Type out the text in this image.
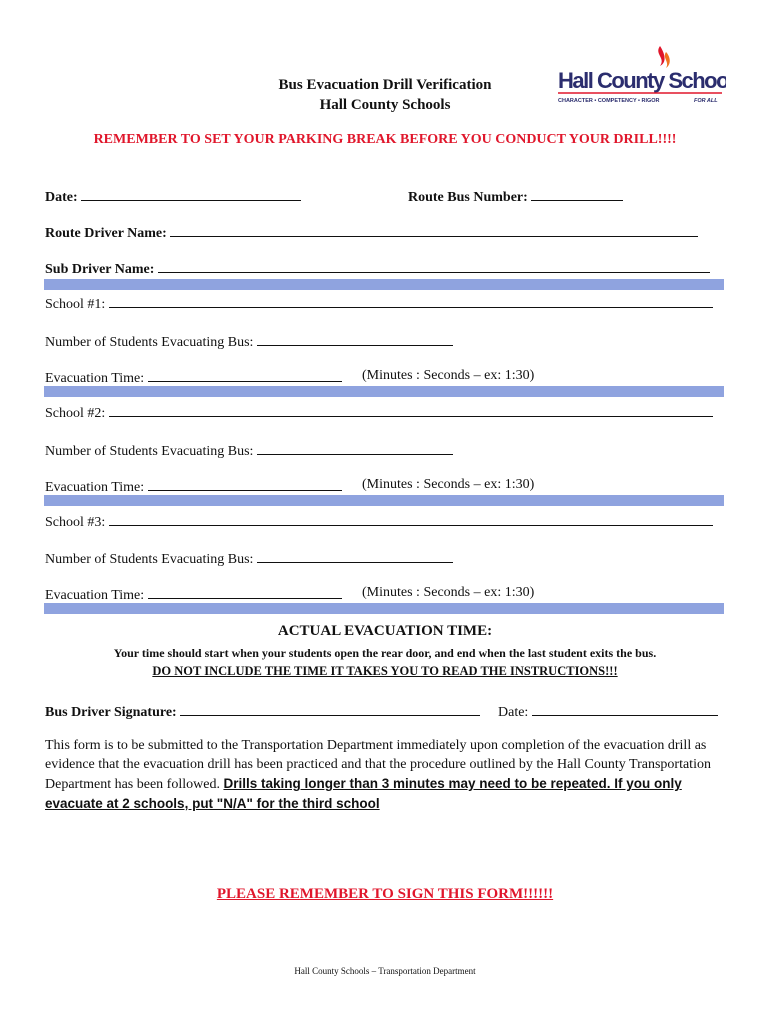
Bus Evacuation Drill Verification
Hall County Schools
Hall County Schools
CHARACTER • COMPETENCY • RIGOR	FOR ALL
REMEMBER TO SET YOUR PARKING BREAK BEFORE YOU CONDUCT YOUR DRILL!!!!
Date:	Route Bus Number:
Route Driver Name:
Sub Driver Name:
School #1:
Number of Students Evacuating Bus:
Evacuation Time:	(Minutes : Seconds – ex: 1:30)
School #2:
Number of Students Evacuating Bus:
Evacuation Time:	(Minutes : Seconds – ex: 1:30)
School #3:
Number of Students Evacuating Bus:
Evacuation Time:	(Minutes : Seconds – ex: 1:30)
ACTUAL EVACUATION TIME:
Your time should start when your students open the rear door, and end when the last student exits the bus.
DO NOT INCLUDE THE TIME IT TAKES YOU TO READ THE INSTRUCTIONS!!!
Bus Driver Signature:	Date:
This form is to be submitted to the Transportation Department immediately upon completion of the evacuation drill as evidence that the evacuation drill has been practiced and that the procedure outlined by the Hall County Transportation Department has been followed. Drills taking longer than 3 minutes may need to be repeated. If you only evacuate at 2 schools, put "N/A" for the third school
PLEASE REMEMBER TO SIGN THIS FORM!!!!!!
Hall County Schools – Transportation Department
